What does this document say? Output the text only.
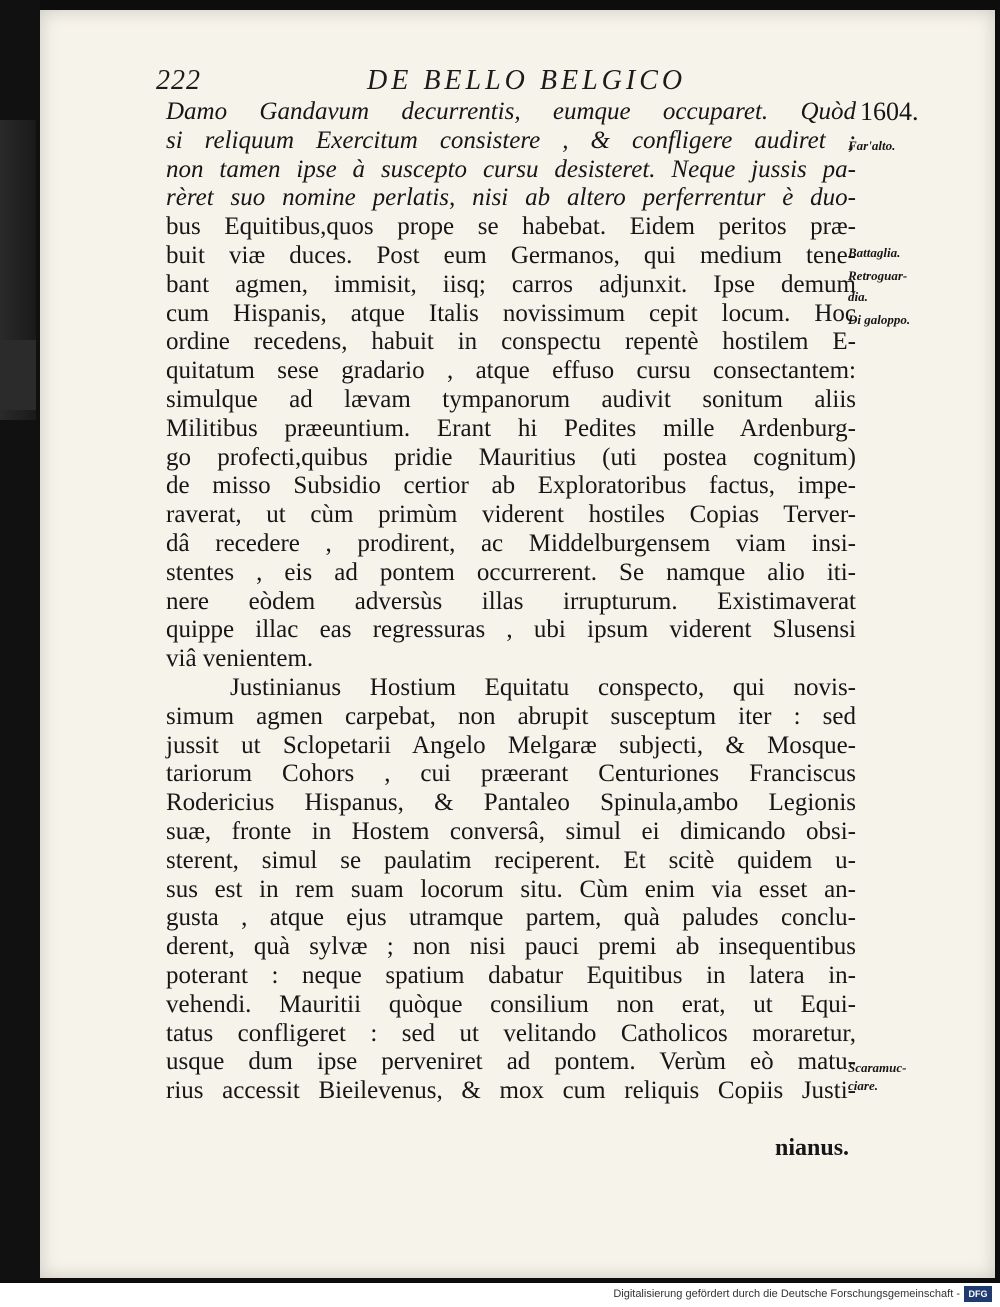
222	DE BELLO BELGICO
1604.
Damo Gandavum decurrentis, eumque occuparet. Quòd
si reliquum Exercitum consistere , & confligere audiret ;
non tamen ipse à suscepto cursu desisteret. Neque jussis pa-
rèret suo nomine perlatis, nisi ab altero perferrentur è duo-
bus Equitibus,quos prope se habebat. Eidem peritos præ-
buit viæ duces. Post eum Germanos, qui medium tene-
bant agmen, immisit, iisq; carros adjunxit. Ipse demum
cum Hispanis, atque Italis novissimum cepit locum. Hoc
ordine recedens, habuit in conspectu repentè hostilem E-
quitatum sese gradario , atque effuso cursu consectantem:
simulque ad lævam tympanorum audivit sonitum aliis
Militibus præeuntium. Erant hi Pedites mille Ardenburg-
go profecti,quibus pridie Mauritius (uti postea cognitum)
de misso Subsidio certior ab Exploratoribus factus, impe-
raverat, ut cùm primùm viderent hostiles Copias Terver-
dâ recedere , prodirent, ac Middelburgensem viam insi-
stentes , eis ad pontem occurrerent. Se namque alio iti-
nere eòdem adversùs illas irrupturum. Existimaverat
quippe illac eas regressuras , ubi ipsum viderent Slusensi
viâ venientem.
Justinianus Hostium Equitatu conspecto, qui novis-
simum agmen carpebat, non abrupit susceptum iter : sed
jussit ut Sclopetarii Angelo Melgaræ subjecti, & Mosque-
tariorum Cohors , cui præerant Centuriones Franciscus
Rodericius Hispanus, & Pantaleo Spinula,ambo Legionis
suæ, fronte in Hostem conversâ, simul ei dimicando obsi-
sterent, simul se paulatim reciperent. Et scitè quidem u-
sus est in rem suam locorum situ. Cùm enim via esset an-
gusta , atque ejus utramque partem, quà paludes conclu-
derent, quà sylvæ ; non nisi pauci premi ab insequentibus
poterant : neque spatium dabatur Equitibus in latera in-
vehendi. Mauritii quòque consilium non erat, ut Equi-
tatus confligeret : sed ut velitando Catholicos moraretur,
usque dum ipse perveniret ad pontem. Verùm eò matu-
rius accessit Bieilevenus, & mox cum reliquis Copiis Justi-
Far'alto.
Battaglia.
Retroguar-
dia.
Di galoppo.
Scaramuc-
ciare.
nianus.
Digitalisierung gefördert durch die Deutsche Forschungsgemeinschaft - DFG
